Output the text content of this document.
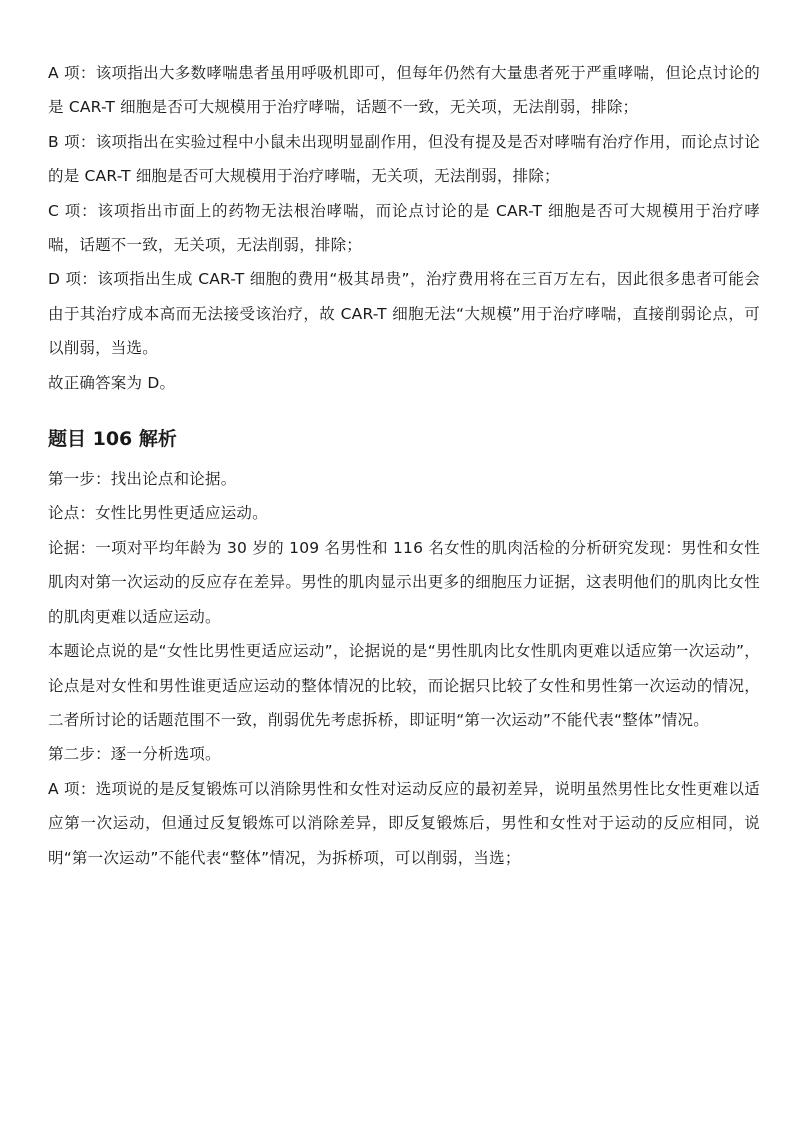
A 项：该项指出大多数哮喘患者虽用呼吸机即可，但每年仍然有大量患者死于严重哮喘，但论点讨论的是 CAR-T 细胞是否可大规模用于治疗哮喘，话题不一致，无关项，无法削弱，排除；

B 项：该项指出在实验过程中小鼠未出现明显副作用，但没有提及是否对哮喘有治疗作用，而论点讨论的是 CAR-T 细胞是否可大规模用于治疗哮喘，无关项，无法削弱，排除；

C 项：该项指出市面上的药物无法根治哮喘，而论点讨论的是 CAR-T 细胞是否可大规模用于治疗哮喘，话题不一致，无关项，无法削弱，排除；

D 项：该项指出生成 CAR-T 细胞的费用“极其昂贵”，治疗费用将在三百万左右，因此很多患者可能会由于其治疗成本高而无法接受该治疗，故 CAR-T 细胞无法“大规模”用于治疗哮喘，直接削弱论点，可以削弱，当选。

故正确答案为 D。

题目 106 解析

第一步：找出论点和论据。

论点：女性比男性更适应运动。

论据：一项对平均年龄为 30 岁的 109 名男性和 116 名女性的肌肉活检的分析研究发现：男性和女性肌肉对第一次运动的反应存在差异。男性的肌肉显示出更多的细胞压力证据，这表明他们的肌肉比女性的肌肉更难以适应运动。

本题论点说的是“女性比男性更适应运动”，论据说的是“男性肌肉比女性肌肉更难以适应第一次运动”，论点是对女性和男性谁更适应运动的整体情况的比较，而论据只比较了女性和男性第一次运动的情况，二者所讨论的话题范围不一致，削弱优先考虑拆桥，即证明“第一次运动”不能代表“整体”情况。

第二步：逐一分析选项。

A 项：选项说的是反复锻炼可以消除男性和女性对运动反应的最初差异，说明虽然男性比女性更难以适应第一次运动，但通过反复锻炼可以消除差异，即反复锻炼后，男性和女性对于运动的反应相同，说明“第一次运动”不能代表“整体”情况，为拆桥项，可以削弱，当选；
